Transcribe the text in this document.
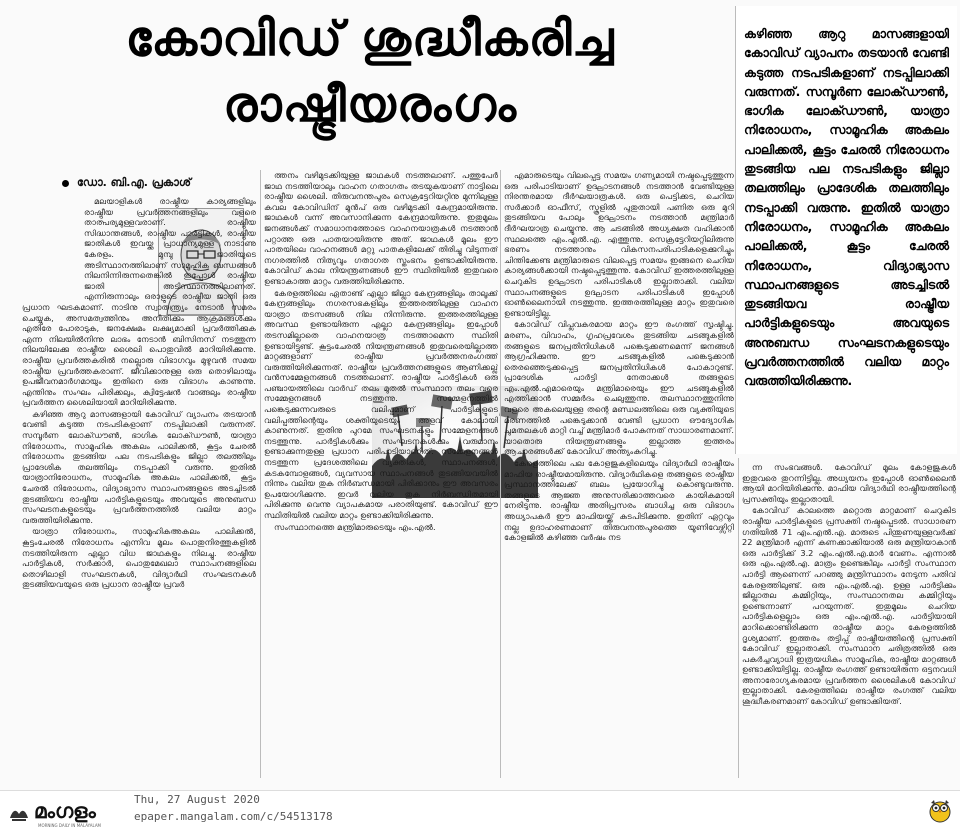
കോവിഡ് ശുദ്ധീകരിച്ച
രാഷ്ട്രീയരംഗം
കഴിഞ്ഞ ആറു മാസങ്ങളായി കോവിഡ് വ്യാപനം തടയാൻ വേണ്ടി കടുത്ത നടപടികളാണ് നടപ്പിലാക്കി വരുന്നത്. സമ്പൂർണ ലോക്ഡൗൺ, ഭാഗിക ലോക്ഡൗൺ, യാത്രാ നിരോധനം, സാമൂഹിക അകലം പാലിക്കൽ, കൂട്ടം ചേരൽ നിരോധനം തുടങ്ങിയ പല നടപടികളും ജില്ലാ തലത്തിലും പ്രാദേശിക തലത്തിലും നടപ്പാക്കി വരുന്നു. ഇതിൽ യാത്രാ നിരോധനം, സാമൂഹിക അകലം പാലിക്കൽ, കൂട്ടം ചേരൽ നിരോധനം, വിദ്യാഭ്യാസ സ്ഥാപനങ്ങളുടെ അടച്ചിടൽ തുടങ്ങിയവ രാഷ്ട്രീയ പാർട്ടികളുടെയും അവയുടെ അനുബന്ധ സംഘടനകളുടെയും പ്രവർത്തനത്തിൽ വലിയ മാറ്റം വരുത്തിയിരിക്കുന്നു.
ഡോ. ബി.എ. പ്രകാശ്

മലയാളികൾ രാഷ്ട്രീയ കാര്യങ്ങളിലും രാഷ്ട്രീയ പ്രവർത്തനങ്ങളിലും വളരെ താത്പര്യമുള്ളവരാണ്. രാഷ്ട്രീയ സിദ്ധാന്തങ്ങൾ, രാഷ്ട്രീയ പാർട്ടികൾ, രാഷ്ട്രീയ ജാതികൾ ഇവയ്ക്കു പ്രാധാന്യമുള്ള നാടാണു കേരളം. മുമ്പു ജാതിയുടെ അടിസ്ഥാനത്തിലാണ് സാമൂഹിക ബന്ധങ്ങൾ നിലനിന്നിരുന്നതെങ്കിൽ ഇപ്പോൾ രാഷ്ട്രീയ ജാതി അടിസ്ഥാനത്തിലാണത്. എന്നിരുന്നാലും ഒരാളുടെ രാഷ്ട്രീയ ജാതി ഒരു പ്രധാന ഘടകമാണ്. നാടിനു സ്വാതന്ത്ര്യം നേടാൻ സമരം ചെയ്യുക, അസമത്വത്തിനും അനീതിക്കും ആക്രമങ്ങൾക്കും എതിരേ പോരാടുക, ജനക്ഷേമം ലക്ഷ്യമാക്കി പ്രവർത്തിക്കുക എന്ന നിലയിൽനിന്നു ലാഭം നേടാൻ ബിസിനസ് നടത്തുന്ന നിലയിലേക്കു രാഷ്ട്രീയ ശൈലി പൊതുവിൽ മാറിയിരിക്കുന്നു. രാഷ്ട്രീയ പ്രവർത്തകരിൽ നല്ലൊരു വിഭാഗവും മുഴുവൻ സമയ രാഷ്ട്രീയ പ്രവർത്തകരാണ്. ജീവിക്കാനുള്ള ഒരു തൊഴിലായും ഉപജീവനമാർഗമായും ഇതിനെ ഒരു വിഭാഗം കാണുന്നു. എന്തിനും സംഘം പിരിക്കലും, ക്വിട്ടേഷൻ വാങ്ങലും രാഷ്ട്രീയ പ്രവർത്തന ശൈലിയായി മാറിയിരിക്കുന്നു.

കഴിഞ്ഞ ആറു മാസങ്ങളായി കോവിഡ് വ്യാപനം തടയാൻ വേണ്ടി കടുത്ത നടപടികളാണ് നടപ്പിലാക്കി വരുന്നത്. സമ്പൂർണ ലോക്ഡൗൺ, ഭാഗിക ലോക്ഡൗൺ, യാത്രാ നിരോധനം, സാമൂഹിക അകലം പാലിക്കൽ, കൂട്ടം ചേരൽ നിരോധനം തുടങ്ങിയ പല നടപടികളും ജില്ലാ തലത്തിലും പ്രാദേശിക തലത്തിലും നടപ്പാക്കി വരുന്നു. ഇതിൽ യാത്രാനിരോധനം, സാമൂഹിക അകലം പാലിക്കൽ, കൂട്ടം ചേരൽ നിരോധനം, വിദ്യാഭ്യാസ സ്ഥാപനങ്ങളുടെ അടച്ചിടൽ തുടങ്ങിയവ രാഷ്ട്രീയ പാർട്ടികളുടെയും അവയുടെ അനുബന്ധ സംഘടനകളുടെയും പ്രവർത്തനത്തിൽ വലിയ മാറ്റം വരുത്തിയിരിക്കുന്നു.

യാത്രാ നിരോധനം, സാമൂഹികഅകലം പാലിക്കൽ, കൂട്ടംചേരൽ നിരോധനം എന്നിവ മൂലം പൊതുനിരത്തുകളിൽ നടത്തിയിരുന്ന എല്ലാ വിധ ജാഥകളും നിലച്ചു. രാഷ്ട്രീയ പാർട്ടികൾ, സർക്കാർ, പൊതുമേഖലാ സ്ഥാപനങ്ങളിലെ തൊഴിലാളി സംഘടനകൾ, വിദ്യാർഥി സംഘടനകൾ തുടങ്ങിയവയുടെ ഒരു പ്രധാന രാഷ്ട്രീയ പ്രവർ

ത്തനം വഴിമുടക്കിയുള്ള ജാഥകൾ നടത്തലാണ്. പത്തുപേർ ജാഥ നടത്തിയാലും വാഹന ഗതാഗതം തടയുകയാണ് നാട്ടിലെ രാഷ്ട്രീയ ശൈലി. തിരുവനന്തപുരം സെക്രട്ടേറിയറ്റിനു മുന്നിലുള്ള കവല കോവിഡിന് മുൻപ് ഒരു വഴിമുടക്കി കേന്ദ്രമായിരുന്നു. ജാഥകൾ വന്ന് അവസാനിക്കുന്ന കേന്ദ്രമായിരുന്നു. ഇതുമൂലം ജനങ്ങൾക്ക് സമാധാനത്തോടെ വാഹനയാത്രകൾ നടത്താൻ പറ്റാത്ത ഒരു പാതയായിരുന്നു അത്. ജാഥകൾ മൂലം ഈ പാതയിലെ വാഹനങ്ങൾ മറ്റു പാതകളിലേക്ക് തിരിച്ചു വിടുന്നത് നഗരത്തിൽ നിത്യവും ഗതാഗത സ്തംഭനം ഉണ്ടാക്കിയിരുന്നു. കോവിഡ് കാല നിയന്ത്രണങ്ങൾ ഈ സ്ഥിതിയിൽ ഇതുവരെ ഉണ്ടാകാത്ത മാറ്റം വരുത്തിയിരിക്കുന്നു.

കേരളത്തിലെ ഏതാണ്ട് എല്ലാ ജില്ലാ കേന്ദ്രങ്ങളിലും താലൂക്ക് കേന്ദ്രങ്ങളിലും നഗരസഭകളിലും ഇത്തരത്തിലുള്ള വാഹന യാത്രാ തടസങ്ങൾ നില നിന്നിരുന്നു. ഇത്തരത്തിലുള്ള അവസ്ഥ ഉണ്ടായിരുന്ന എല്ലാ കേന്ദ്രങ്ങളിലും ഇപ്പോൾ തടസമില്ലാതെ വാഹനയാത്ര നടത്താമെന്ന സ്ഥിതി ഉണ്ടായിട്ടുണ്ട്. കൂട്ടംചേരൽ നിയന്ത്രണങ്ങൾ ഇതുവരെയില്ലാത്ത മാറ്റങ്ങളാണ് രാഷ്ട്രീയ പ്രവർത്തനരംഗത്ത് വരുത്തിയിരിക്കുന്നത്. രാഷ്ട്രീയ പ്രവർത്തനങ്ങളുടെ ആണിക്കല്ല് വൻസമ്മേളനങ്ങൾ നടത്തലാണ്. രാഷ്ട്രീയ പാർട്ടികൾ ഒരു പഞ്ചായത്തിലെ വാർഡ് തലം മുതൽ സംസ്ഥാന തലം വരെ സമ്മേളനങ്ങൾ നടത്തുന്നു. സമ്മേളനത്തിൽ പങ്കെടുക്കുന്നവരുടെ വലിപ്പമാണ് പാർട്ടികളുടെ വലിപ്പത്തിന്റെയും ശക്തിയുടെയും അളവ് കോലായി കാണുന്നത്. ഇതിനു പുറമേ സംഘടനകളും സമ്മേളനങ്ങൾ നടത്തുന്നു. പാർട്ടികൾക്കും സംഘടനകൾക്കും വരുമാനം ഉണ്ടാക്കുന്നതുള്ള പ്രധാന പരിപാടിയാണിത്. സമ്മേളനങ്ങൾ നടത്തുന്ന പ്രദേശത്തിലെ വ്യക്തികൾ, സ്ഥാപനങ്ങൾ, കടകമ്പോളങ്ങൾ, വ്യവസായ സ്ഥാപനങ്ങൾ തുടങ്ങിയവയിൽ നിന്നും വലിയ തുക നിർബന്ധമായി പിരിക്കാനും ഈ അവസരം ഉപയോഗിക്കുന്നു. ഇവർ വലിയ തുക നിർബന്ധിതമായി പിരിക്കുന്നു വെന്നു വ്യാപകമായ പരാതിയുണ്ട്. കോവിഡ് ഈ സ്ഥിതിയിൽ വലിയ മാറ്റം ഉണ്ടാക്കിയിരിക്കുന്നു.

സംസ്ഥാനത്തെ മന്ത്രിമാരുടെയും എം.എൽ.

എമാരുടെയും വിലപ്പെട്ട സമയം ഗണ്യമായി നഷ്ടപ്പെടുത്തുന്ന ഒരു പരിപാടിയാണ് ഉദ്ഘാടനങ്ങൾ നടത്താൻ വേണ്ടിയുള്ള നിരന്തരമായ ദീർഘയാത്രകൾ. ഒരു പെട്ടിക്കട, ചെറിയ സർക്കാർ ഓഫീസ്, സ്കൂളിൽ പുതുതായി പണിത ഒരു മുറി തുടങ്ങിയവ പോലും ഉദ്ഘാടനം നടത്താൻ മന്ത്രിമാർ ദീർഘയാത്ര ചെയ്യുന്നു. ആ ചടങ്ങിൽ അധ്യക്ഷത വഹിക്കാൻ സ്ഥലത്തെ എം.എൽ.എ. എത്തുന്നു. സെക്രട്ടേറിയറ്റിലിരുന്നു ഭരണം നടത്താനും വികസനപരിപാടികളെക്കുറിച്ചും ചിന്തിക്കേണ്ട മന്ത്രിമാരുടെ വിലപ്പെട്ട സമയം ഇങ്ങനെ ചെറിയ കാര്യങ്ങൾക്കായി നഷ്ടപ്പെടുത്തുന്നു. കോവിഡ് ഇത്തരത്തിലുള്ള ചെറുകിട ഉദ്ഘാടന പരിപാടികൾ ഇല്ലാതാക്കി. വലിയ സ്ഥാപനങ്ങളുടെ ഉദ്ഘാടന പരിപാടികൾ ഇപ്പോൾ ഓൺലൈനായി നടത്തുന്നു. ഇത്തരത്തിലുള്ള മാറ്റം ഇതുവരെ ഉണ്ടായിട്ടില്ല.

കോവിഡ് വിപ്ലവകരമായ മാറ്റം ഈ രംഗത്ത് സൃഷ്ടിച്ചു. മരണം, വിവാഹം, ഗൃഹപ്രവേശം തുടങ്ങിയ ചടങ്ങുകളിൽ തങ്ങളുടെ ജനപ്രതിനിധികൾ പങ്കെടുക്കണമെന്ന് ജനങ്ങൾ ആഗ്രഹിക്കുന്നു. ഈ ചടങ്ങുകളിൽ പങ്കെടുക്കാൻ തെരഞ്ഞെടുക്കപ്പെട്ട ജനപ്രതിനിധികൾ പോകാറുണ്ട്. പ്രാദേശിക പാർട്ടി നേതാക്കൾ തങ്ങളുടെ എം.എൽ.എമാരെയും മന്ത്രിമാരെയും ഈ ചടങ്ങുകളിൽ എത്തിക്കാൻ സമ്മർദം ചെലുത്തുന്നു. തലസ്ഥാനത്തുനിന്നു വളരെ അകലെയുള്ള തന്റെ മണ്ഡലത്തിലെ ഒരു വ്യക്തിയുടെ മരണത്തിൽ പങ്കെടുക്കാൻ വേണ്ടി പ്രധാന ഔദ്യോഗിക ചുമതലകൾ മാറ്റി വച്ച് മന്ത്രിമാർ പോകുന്നത് സാധാരണമാണ്. യാതൊരു നിയന്ത്രണങ്ങളും ഇല്ലാത്ത ഇത്തരം ആചാരങ്ങൾക്ക് കോവിഡ് അന്ത്യംകുറിച്ചു.

കേരളത്തിലെ പല കോളജുകളിലെയും വിദ്യാർഥി രാഷ്ട്രീയം മാഫിയ രാഷ്ട്രീയമായിരുന്നു. വിദ്യാർഥികളെ തങ്ങളുടെ രാഷ്ട്രീയ പ്രസ്ഥാനത്തിലേക്ക് ബലം പ്രയോഗിച്ചു കൊണ്ടുവരുന്നു. തങ്ങളുടെ ആജ്ഞ അനുസരിക്കാത്തവരെ കായികമായി നേരിടുന്നു. രാഷ്ട്രീയ അതിപ്രസരം ബാധിച്ച ഒരു വിഭാഗം അധ്യാപകർ ഈ മാഫിയയ്ക്ക് കുടപിടിക്കുന്നു. ഇതിന് ഏറ്റവും നല്ല ഉദാഹരണമാണ് തിരുവനന്തപുരത്തെ യൂണിവേഴ്സിറ്റി കോളജിൽ കഴിഞ്ഞ വർഷം നട

ന്ന സംഭവങ്ങൾ. കോവിഡ് മൂലം കോളജുകൾ ഇതുവരെ തുറന്നിട്ടില്ല. അധ്യയനം ഇപ്പോൾ ഓൺലൈൻ ആയി മാറിയിരിക്കുന്നു. മാഫിയ വിദ്യാർഥി രാഷ്ട്രീയത്തിന്റെ പ്രസക്തിയും ഇല്ലാതായി.

കോവിഡ് കാലത്തെ മറ്റൊരു മാറ്റമാണ് ചെറുകിട രാഷ്ട്രീയ പാർട്ടികളുടെ പ്രസക്തി നഷ്ടപ്പെടൽ. സാധാരണ ഗതിയിൽ 71 എം.എൽ.എ. മാരുടെ പിന്തുണയുള്ളവർക്ക് 22 മന്ത്രിമാർ എന്ന് കണക്കാക്കിയാൽ ഒരു മന്ത്രിയാകാൻ ഒരു പാർട്ടിക്ക് 3.2 എം.എൽ.എ.മാർ വേണം. എന്നാൽ ഒരു എം.എൽ.എ. മാത്രം ഉണ്ടെങ്കിലും പാർട്ടി സംസ്ഥാന പാർട്ടി ആണെന്ന് പറഞ്ഞു മന്ത്രിസ്ഥാനം നേടുന്ന പതിവ് കേരളത്തിലുണ്ട്. ഒരു എം.എൽ.എ. ഉള്ള പാർട്ടിക്കും ജില്ലാതല കമ്മിറ്റിയും, സംസ്ഥാനതല കമ്മിറ്റിയും ഉണ്ടെന്നാണ് പറയുന്നത്. ഇതുമൂലം ചെറിയ പാർട്ടികളെല്ലാം ഒരു എം.എൽ.എ. പാർട്ടിയായി മാറിക്കൊണ്ടിരിക്കുന്ന രാഷ്ട്രീയ മാറ്റം കേരളത്തിൽ ദൃശ്യമാണ്. ഇത്തരം തട്ടിപ്പ് രാഷ്ട്രീയത്തിന്റെ പ്രസക്തി കോവിഡ് ഇല്ലാതാക്കി. സംസ്ഥാന ചരിത്രത്തിൽ ഒരു പകർച്ചവ്യാധി ഇത്രയധികം സാമൂഹിക, രാഷ്ട്രീയ മാറ്റങ്ങൾ ഉണ്ടാക്കിയിട്ടില്ല. രാഷ്ട്രീയ രംഗത്ത് ഉണ്ടായിരുന്ന ഒട്ടനവധി അനാരോഗ്യകരമായ പ്രവർത്തന ശൈലികൾ കോവിഡ് ഇല്ലാതാക്കി. കേരളത്തിലെ രാഷ്ട്രീയ രംഗത്ത് വലിയ ശുദ്ധീകരണമാണ് കോവിഡ് ഉണ്ടാക്കിയത്.

മംഗളം
MORNING DAILY IN MALAYALAM
Thu, 27 August 2020
epaper.mangalam.com/c/54513178
